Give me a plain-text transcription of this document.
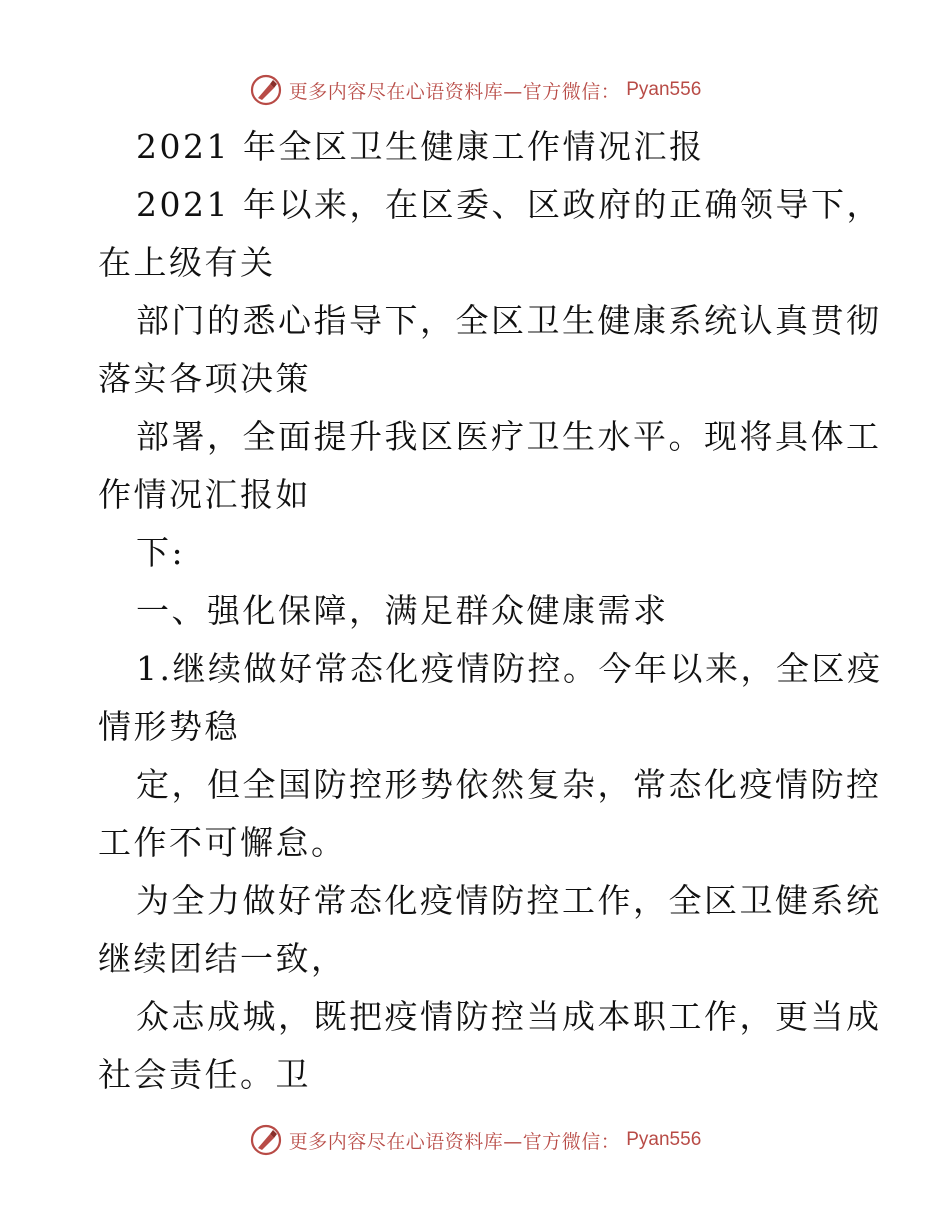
更多内容尽在心语资料库—官方微信： Pyan556
2021 年全区卫生健康工作情况汇报
2021 年以来，在区委、区政府的正确领导下，
在上级有关
部门的悉心指导下，全区卫生健康系统认真贯彻
落实各项决策
部署，全面提升我区医疗卫生水平。现将具体工
作情况汇报如
下:
一、强化保障，满足群众健康需求
1.继续做好常态化疫情防控。今年以来，全区疫
情形势稳
定，但全国防控形势依然复杂，常态化疫情防控
工作不可懈怠。
为全力做好常态化疫情防控工作，全区卫健系统
继续团结一致，
众志成城，既把疫情防控当成本职工作，更当成
社会责任。卫
更多内容尽在心语资料库—官方微信： Pyan556
